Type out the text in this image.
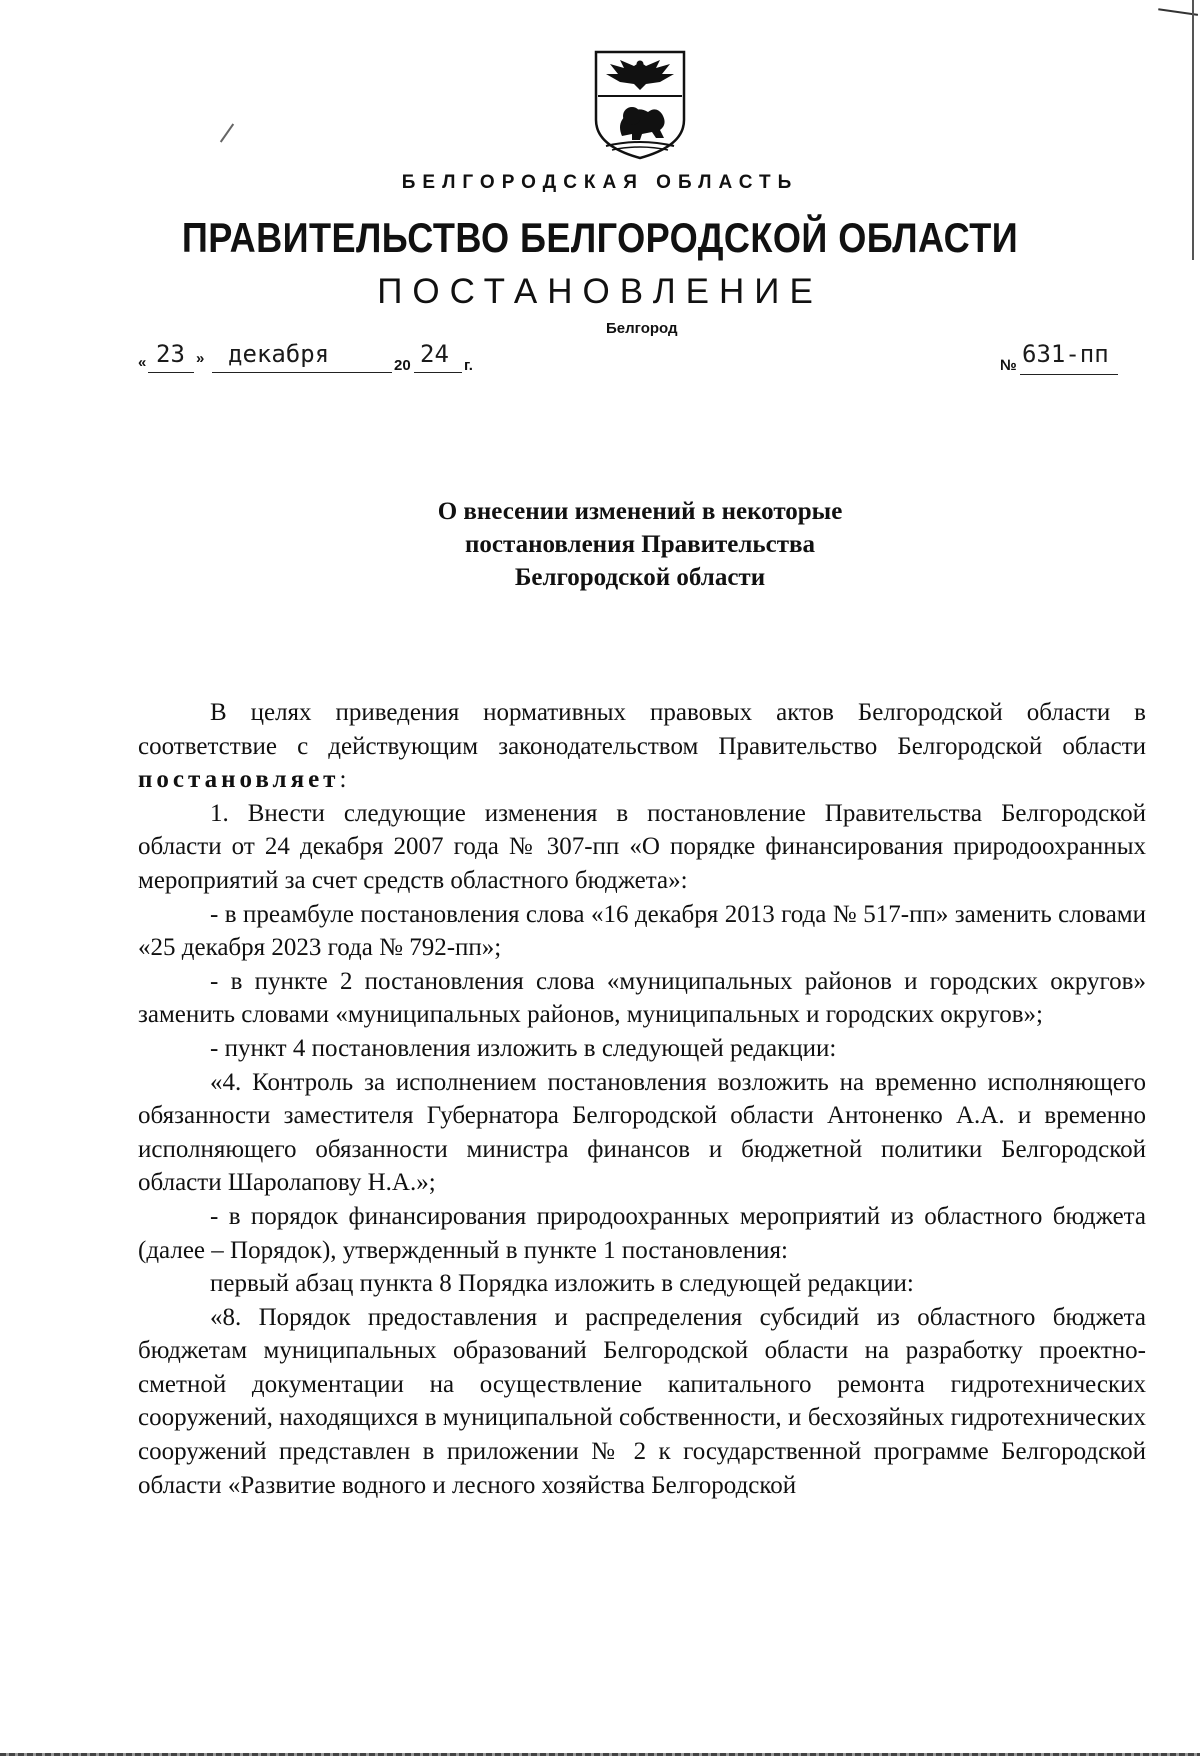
БЕЛГОРОДСКАЯ ОБЛАСТЬ
ПРАВИТЕЛЬСТВО БЕЛГОРОДСКОЙ ОБЛАСТИ
ПОСТАНОВЛЕНИЕ
Белгород
« 23 » декабря	20 24 г.	№ 631-пп
О внесении изменений в некоторые
постановления Правительства
Белгородской области

В целях приведения нормативных правовых актов Белгородской области в соответствие с действующим законодательством Правительство Белгородской области постановляет:

1. Внести следующие изменения в постановление Правительства Белгородской области от 24 декабря 2007 года № 307-пп «О порядке финансирования природоохранных мероприятий за счет средств областного бюджета»:

- в преамбуле постановления слова «16 декабря 2013 года № 517-пп» заменить словами «25 декабря 2023 года № 792-пп»;

- в пункте 2 постановления слова «муниципальных районов и городских округов» заменить словами «муниципальных районов, муниципальных и городских округов»;

- пункт 4 постановления изложить в следующей редакции:

«4. Контроль за исполнением постановления возложить на временно исполняющего обязанности заместителя Губернатора Белгородской области Антоненко А.А. и временно исполняющего обязанности министра финансов и бюджетной политики Белгородской области Шаролапову Н.А.»;

- в порядок финансирования природоохранных мероприятий из областного бюджета (далее – Порядок), утвержденный в пункте 1 постановления:

первый абзац пункта 8 Порядка изложить в следующей редакции:

«8. Порядок предоставления и распределения субсидий из областного бюджета бюджетам муниципальных образований Белгородской области на разработку проектно-сметной документации на осуществление капитального ремонта гидротехнических сооружений, находящихся в муниципальной собственности, и бесхозяйных гидротехнических сооружений представлен в приложении № 2 к государственной программе Белгородской области «Развитие водного и лесного хозяйства Белгородской
